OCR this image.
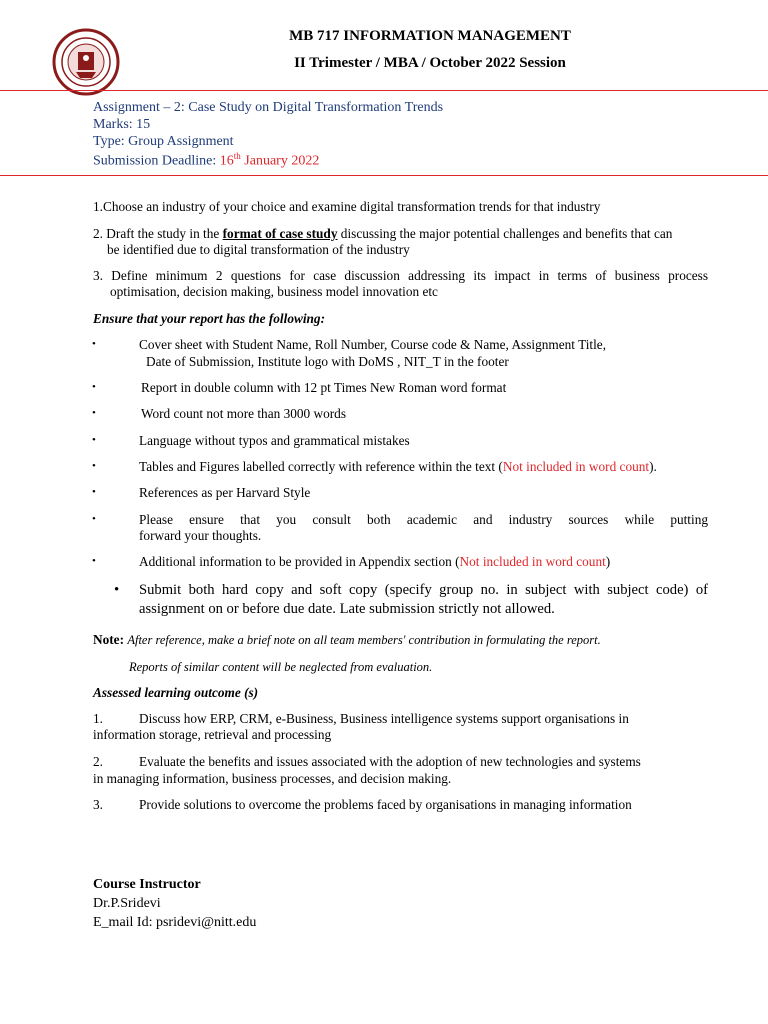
MB 717 INFORMATION MANAGEMENT
II Trimester / MBA / October 2022 Session
Assignment – 2: Case Study on Digital Transformation Trends
Marks: 15
Type: Group Assignment
Submission Deadline: 16th January 2022
1.Choose an industry of your choice and examine digital transformation trends for that industry
2. Draft the study in the format of case study discussing the major potential challenges and benefits that can
be identified due to digital transformation of the industry
3. Define minimum 2 questions for case discussion addressing its impact in terms of business process
optimisation, decision making, business model innovation etc
Ensure that your report has the following:
•	Cover sheet with Student Name, Roll Number, Course code & Name, Assignment Title,
Date of Submission, Institute logo with DoMS , NIT_T in the footer
•	Report in double column with 12 pt Times New Roman word format
•	Word count not more than 3000 words
•	Language without typos and grammatical mistakes
•	Tables and Figures labelled correctly with reference within the text (Not included in word count).
•	References as per Harvard Style
•	Please ensure that you consult both academic and industry sources while putting
forward your thoughts.
•	Additional information to be provided in Appendix section (Not included in word count)
• Submit both hard copy and soft copy (specify group no. in subject with subject code) of
assignment on or before due date. Late submission strictly not allowed.
Note: After reference, make a brief note on all team members' contribution in formulating the report.
Reports of similar content will be neglected from evaluation.
Assessed learning outcome (s)
1.	Discuss how ERP, CRM, e-Business, Business intelligence systems support organisations in
information storage, retrieval and processing
2.	Evaluate the benefits and issues associated with the adoption of new technologies and systems
in managing information, business processes, and decision making.
3.	Provide solutions to overcome the problems faced by organisations in managing information
Course Instructor
Dr.P.Sridevi
E_mail Id: psridevi@nitt.edu
